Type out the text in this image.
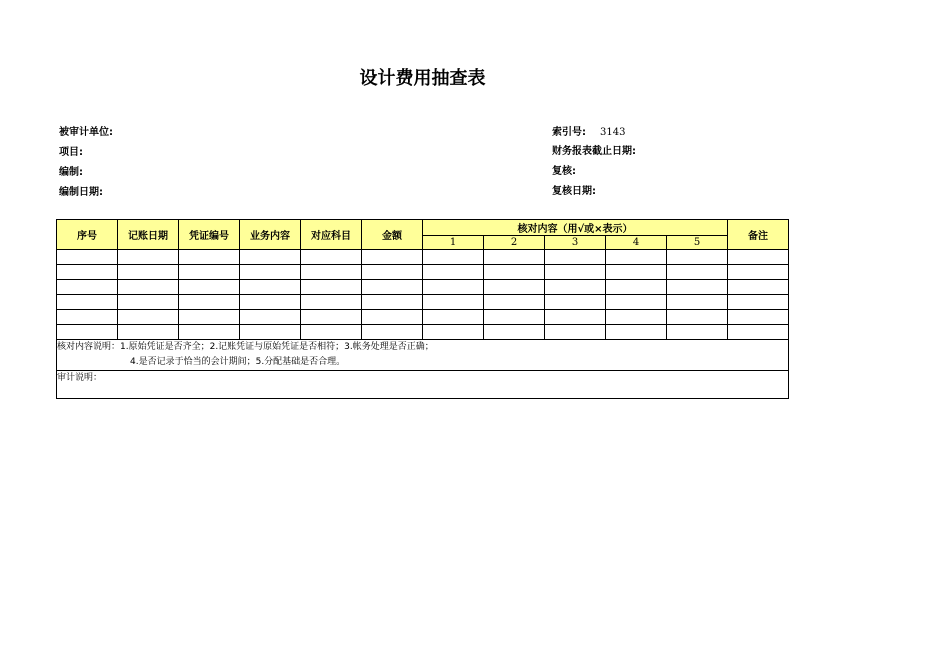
设计费用抽查表
被审计单位:
项目:
编制:
编制日期:
索引号: 3143
财务报表截止日期:
复核:
复核日期:
序号	记账日期	凭证编号	业务内容	对应科目	金额	核对内容（用√或×表示）					备注
						1	2	3	4	5	

核对内容说明：1.原始凭证是否齐全；2.记账凭证与原始凭证是否相符；3.帐务处理是否正确；
4.是否记录于恰当的会计期间；5.分配基础是否合理。											

审计说明：											
